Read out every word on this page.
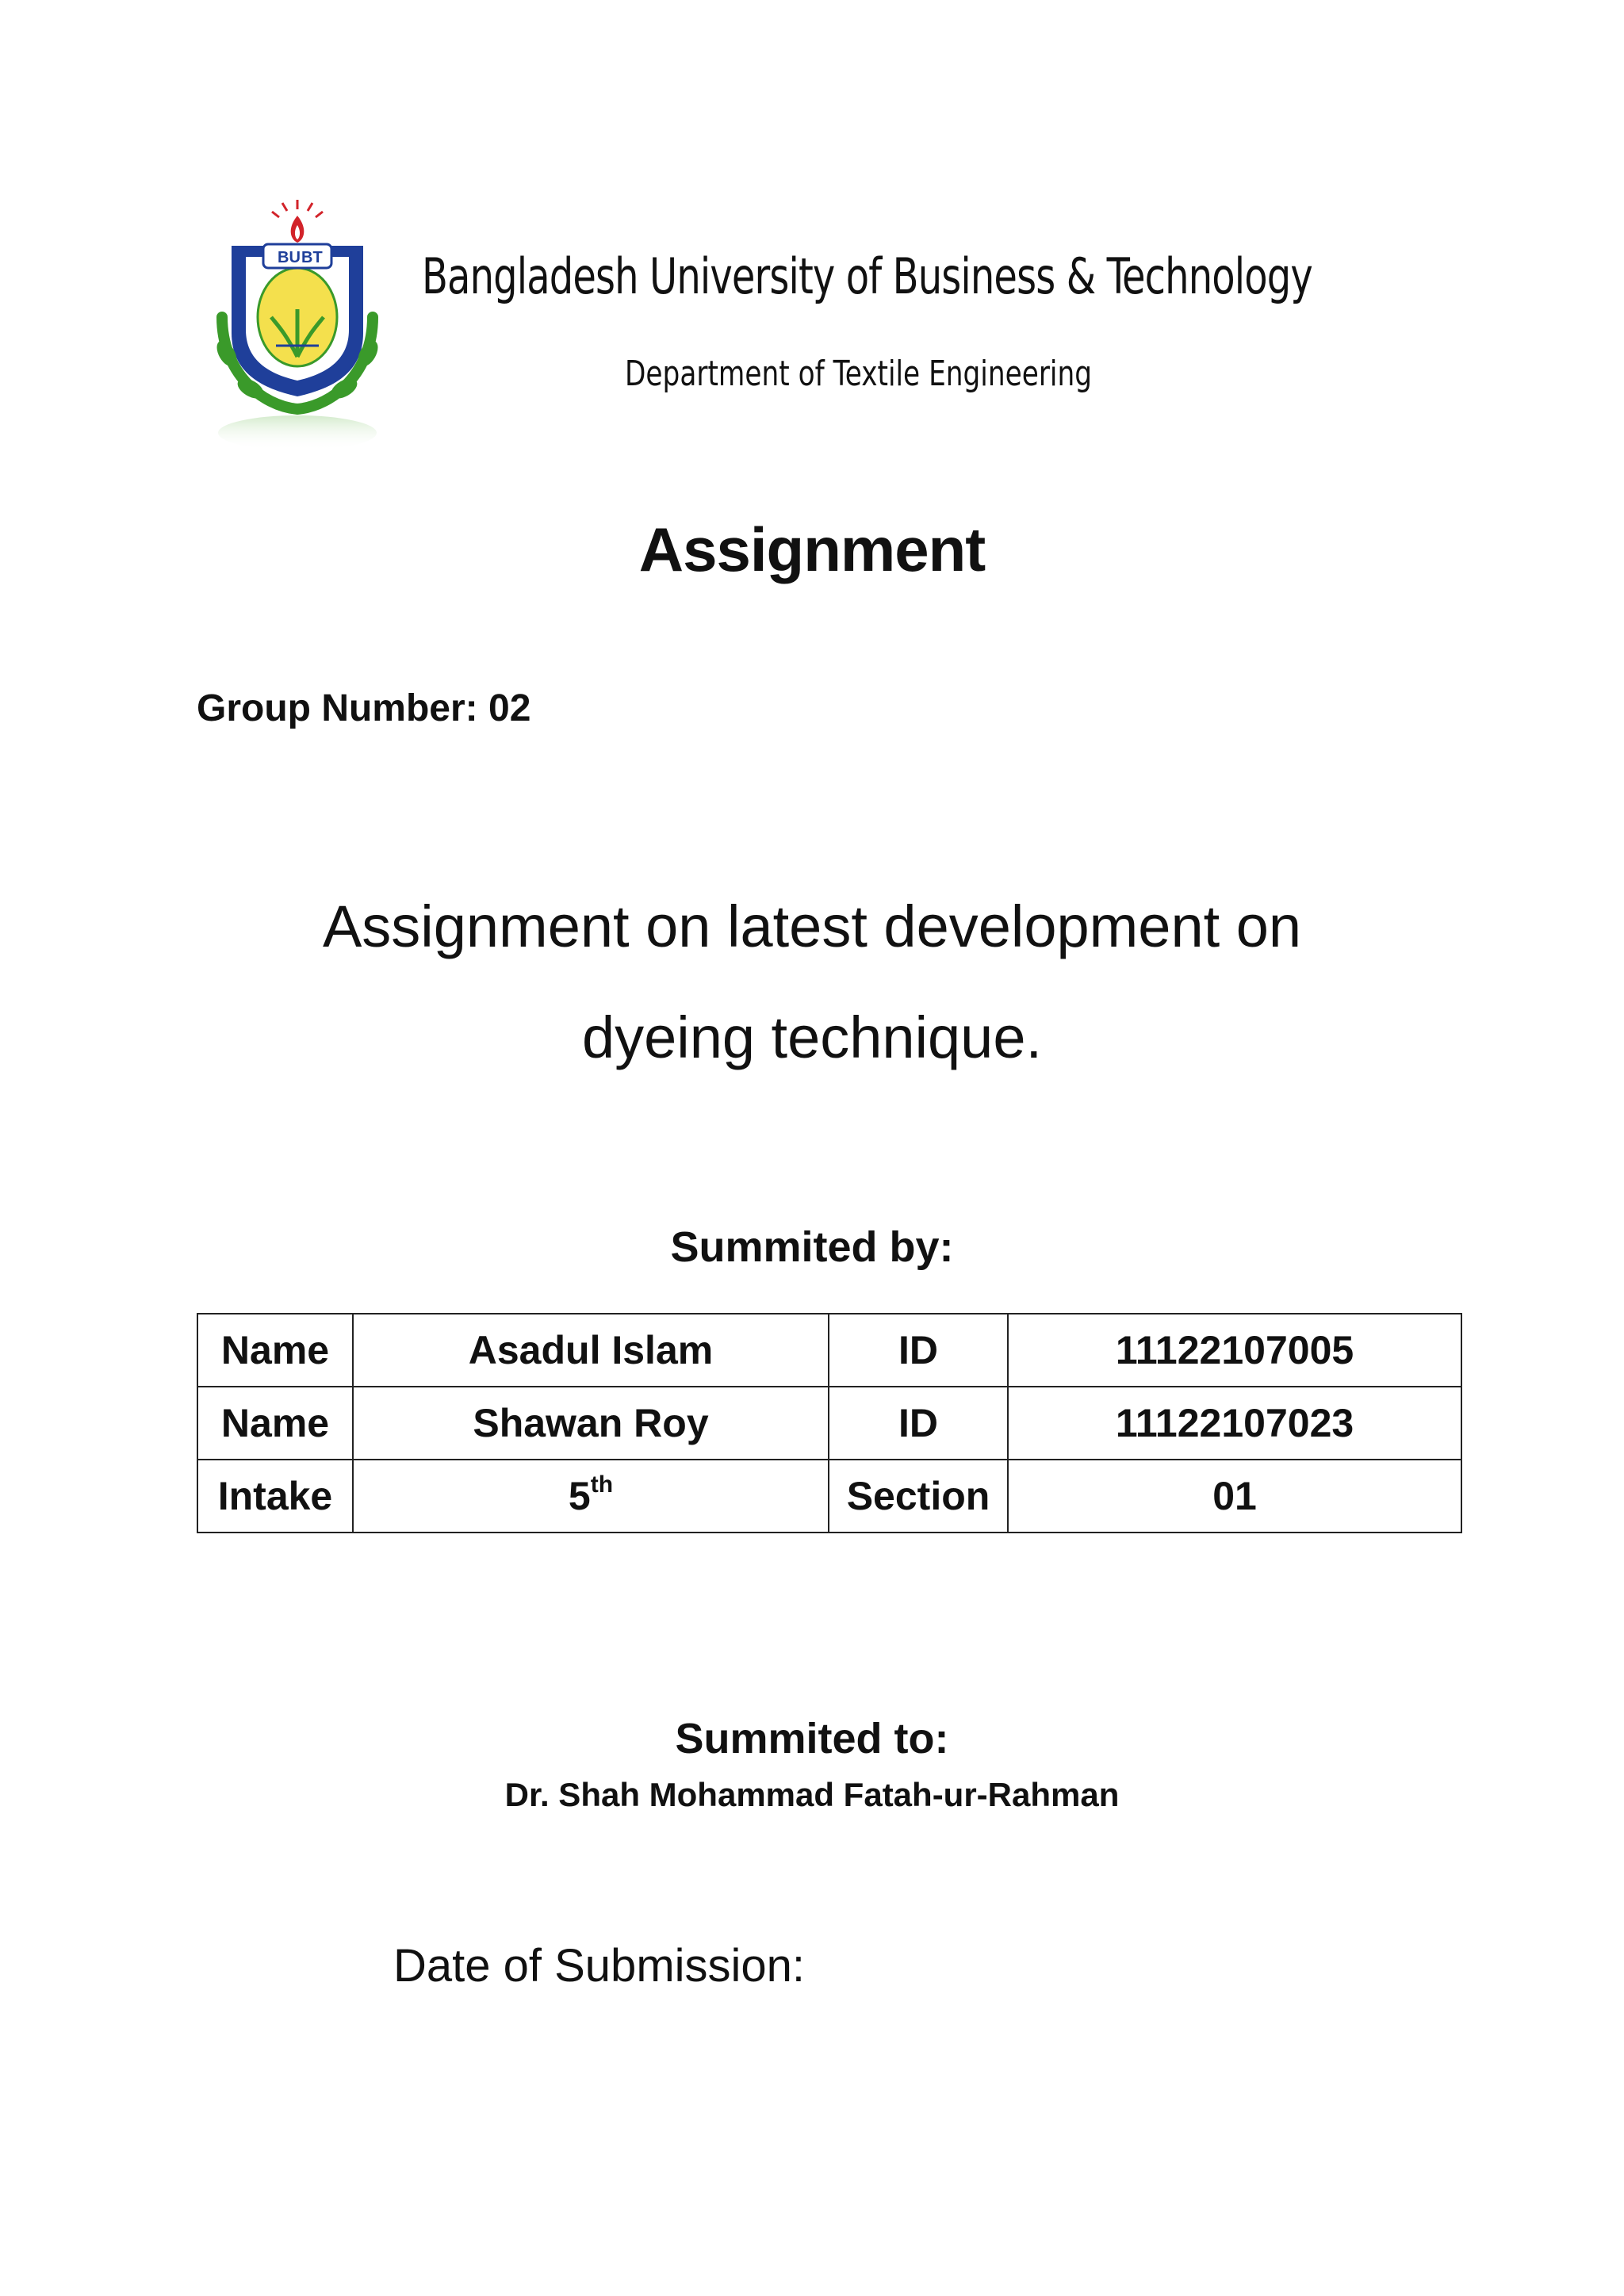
BU BT Bangladesh University of Business & Technology
Department of Textile Engineering
Assignment
Group Number: 02
Assignment on latest development on
dyeing technique.
Summited by:
Name	Asadul Islam	ID	11122107005
Name	Shawan Roy	ID	11122107023
Intake	5th	Section	01
Summited to:
Dr. Shah Mohammad Fatah-ur-Rahman
Date of Submission:
